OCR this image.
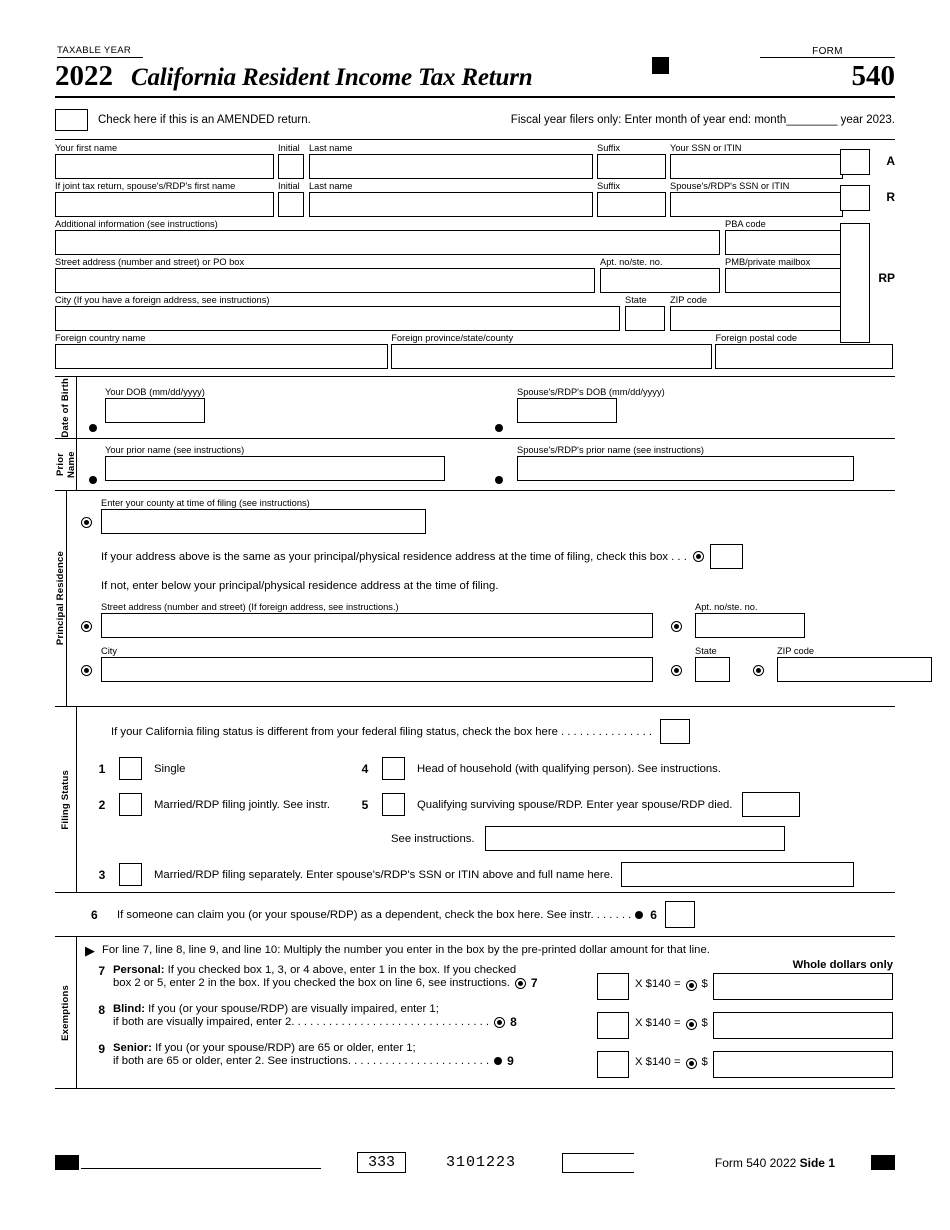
TAXABLE YEAR	FORM
2022 California Resident Income Tax Return	540
Check here if this is an AMENDED return.	Fiscal year filers only: Enter month of year end: month________ year 2023.
A
R
RP
Your first name	Initial Last name	Suffix	Your SSN or ITIN
If joint tax return, spouse's/RDP's first name	Initial Last name	Suffix	Spouse's/RDP's SSN or ITIN
Additional information (see instructions)	PBA code
Street address (number and street) or PO box	Apt. no/ste. no.	PMB/private mailbox
City (If you have a foreign address, see instructions)	State	ZIP code
Foreign country name	Foreign province/state/county	Foreign postal code
Date of Birth	Your DOB (mm/dd/yyyy)	Spouse's/RDP's DOB (mm/dd/yyyy)
Prior Name
Your prior name (see instructions)	Spouse's/RDP's prior name (see instructions)
Principal Residence
Enter your county at time of filing (see instructions)
If your address above is the same as your principal/physical residence address at the time of filing, check this box . . .
If not, enter below your principal/physical residence address at the time of filing.
Street address (number and street) (If foreign address, see instructions.)	Apt. no/ste. no.
City	State	ZIP code
Filing Status
If your California filing status is different from your federal filing status, check the box here . . . . . . . . . . . . . . .
1	Single	4	Head of household (with qualifying person). See instructions.
2	Married/RDP filing jointly. See instr.	5	Qualifying surviving spouse/RDP. Enter year spouse/RDP died.
See instructions.
3	Married/RDP filing separately. Enter spouse's/RDP's SSN or ITIN above and full name here.
6	If someone can claim you (or your spouse/RDP) as a dependent, check the box here. See instr. . . . . . . 6
Exemptions
▶ For line 7, line 8, line 9, and line 10: Multiply the number you enter in the box by the pre-printed dollar amount for that line.
Whole dollars only
7 Personal: If you checked box 1, 3, or 4 above, enter 1 in the box. If you checked
box 2 or 5, enter 2 in the box. If you checked the box on line 6, see instructions. 7	X $140 = $
8 Blind: If you (or your spouse/RDP) are visually impaired, enter 1;
if both are visually impaired, enter 2. . . . . . . . . . . . . . . . . . . . . . . . . . . . . . . . 8	X $140 = $
9 Senior: If you (or your spouse/RDP) are 65 or older, enter 1;
if both are 65 or older, enter 2. See instructions. . . . . . . . . . . . . . . . . . . . . . . 9	X $140 = $
333	3101223	Form 540 2022 Side 1
